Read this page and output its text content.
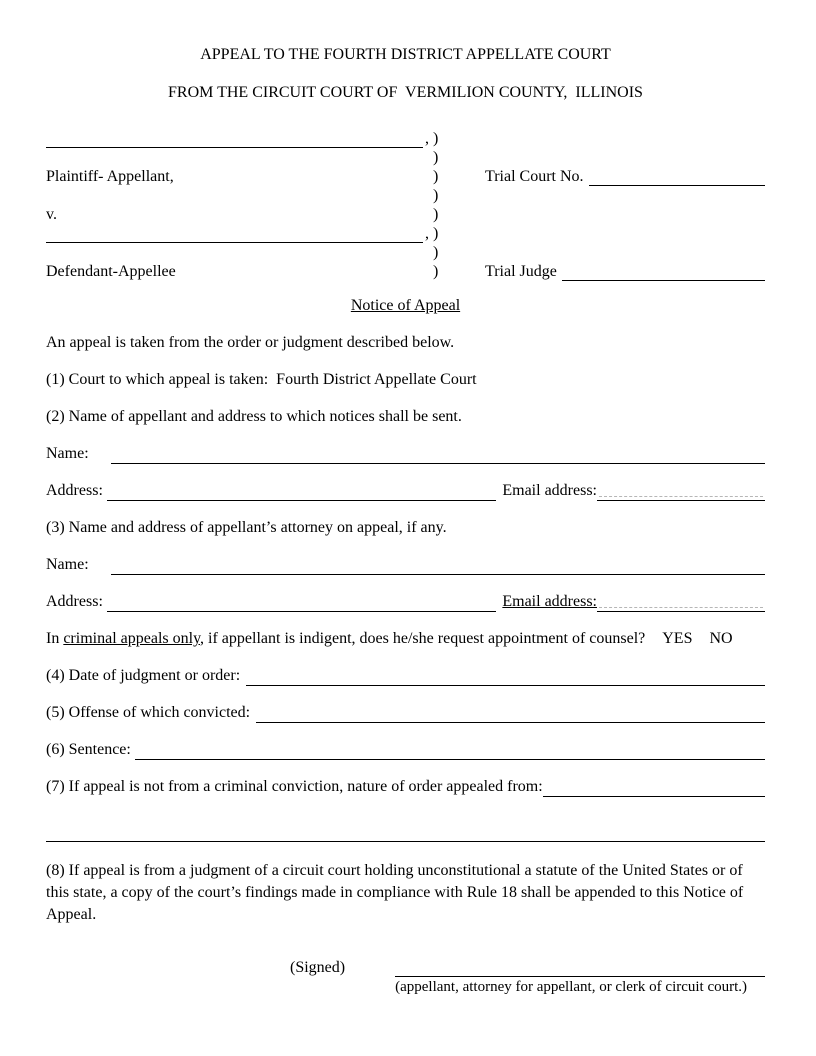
APPEAL TO THE FOURTH DISTRICT APPELLATE COURT
FROM THE CIRCUIT COURT OF  VERMILION COUNTY,  ILLINOIS
, )
)
Plaintiff- Appellant,	)	Trial Court No.
)
v.	)
, )
)
Defendant-Appellee	)	Trial Judge
Notice of Appeal
An appeal is taken from the order or judgment described below.
(1) Court to which appeal is taken: Fourth District Appellate Court
(2) Name of appellant and address to which notices shall be sent.
Name:
Address:	Email address:
(3) Name and address of appellant’s attorney on appeal, if any.
Name:
Address:	Email address:
In criminal appeals only, if appellant is indigent, does he/she request appointment of counsel? YES NO
(4) Date of judgment or order:
(5) Offense of which convicted:
(6) Sentence:
(7) If appeal is not from a criminal conviction, nature of order appealed from:
(8) If appeal is from a judgment of a circuit court holding unconstitutional a statute of the United States or of this state, a copy of the court’s findings made in compliance with Rule 18 shall be appended to this Notice of Appeal.
(Signed)
(appellant, attorney for appellant, or clerk of circuit court.)
